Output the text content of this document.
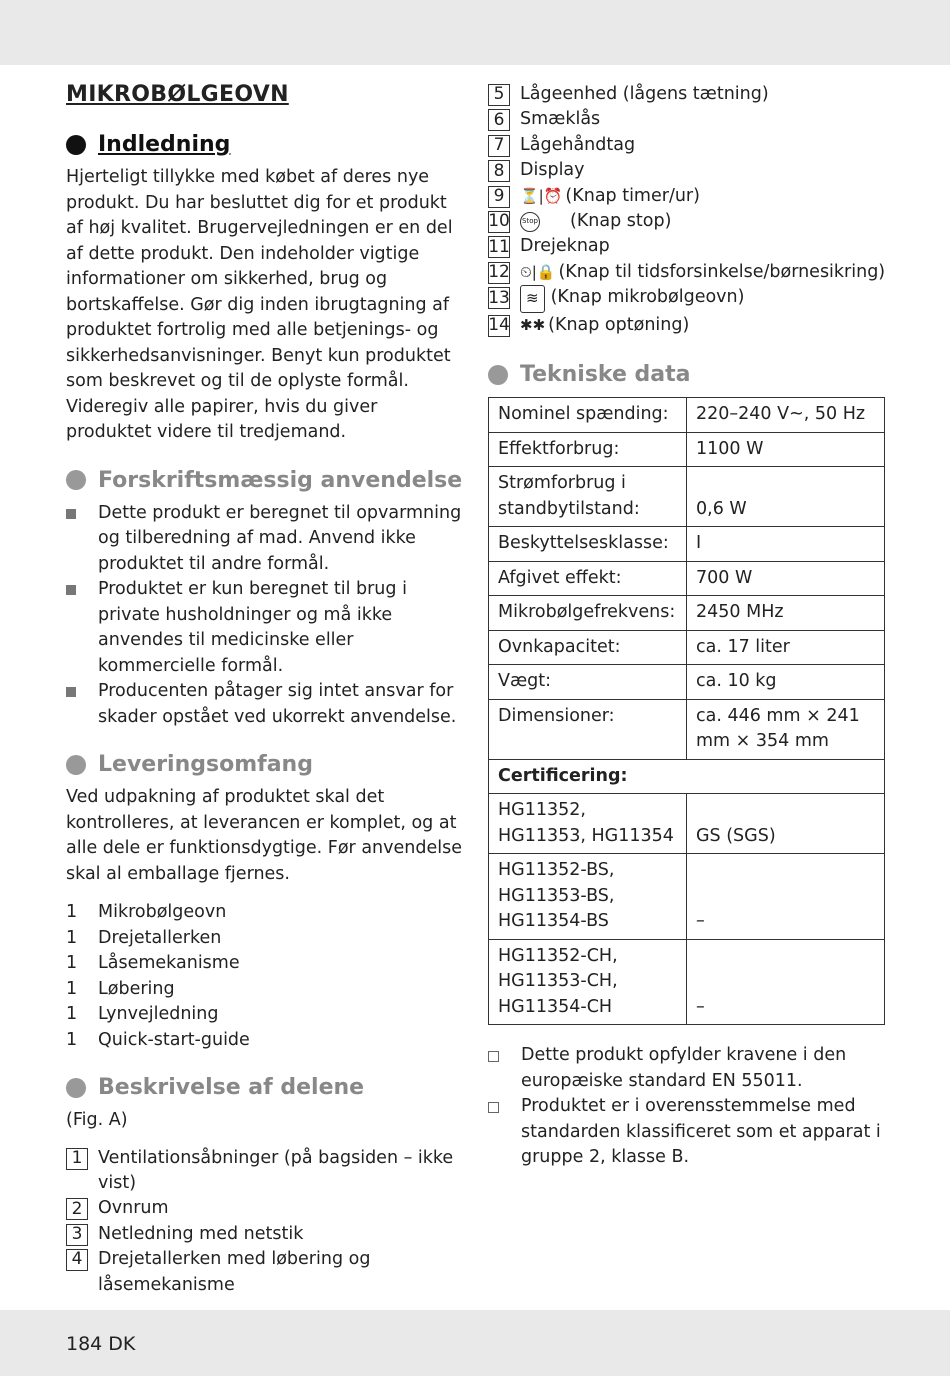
MIKROBØLGEOVN
Indledning

Hjerteligt tillykke med købet af deres nye produkt. Du har besluttet dig for et produkt af høj kvalitet. Brugervejledningen er en del af dette produkt. Den indeholder vigtige informationer om sikkerhed, brug og bortskaffelse. Gør dig inden ibrugtagning af produktet fortrolig med alle betjenings- og sikkerhedsanvisninger. Benyt kun produktet som beskrevet og til de oplyste formål. Videregiv alle papirer, hvis du giver produktet videre til tredjemand.

Forskriftsmæssig anvendelse
Dette produkt er beregnet til opvarmning og tilberedning af mad. Anvend ikke produktet til andre formål.
Produktet er kun beregnet til brug i private husholdninger og må ikke anvendes til medicinske eller kommercielle formål.
Producenten påtager sig intet ansvar for skader opstået ved ukorrekt anvendelse.
Leveringsomfang

Ved udpakning af produktet skal det kontrolleres, at leverancen er komplet, og at alle dele er funktionsdygtige. Før anvendelse skal al emballage fjernes.

1	Mikrobølgeovn
1	Drejetallerken
1	Låsemekanisme
1	Løbering
1	Lynvejledning
1	Quick-start-guide
Beskrivelse af delene

(Fig. A)

1 Ventilationsåbninger (på bagsiden – ikke vist)
2 Ovnrum
3 Netledning med netstik
4 Drejetallerken med løbering og låsemekanisme
5 Lågeenhed (lågens tætning)
6 Smæklås
7 Lågehåndtag
8 Display
9	⏳|⏰ (Knap timer/ur)
10 Stop (Knap stop)
11 Drejeknap
12 ⏲|🔒 (Knap til tidsforsinkelse/børnesikring)
13	≋ (Knap mikrobølgeovn)
14 ✱✱ (Knap optøning)
Tekniske data
Nominel spænding:	220–240 V~, 50 Hz
Effektforbrug:	1100 W
Strømforbrug i standbytilstand:	0,6 W
Beskyttelsesklasse:	I
Afgivet effekt:	700 W
Mikrobølgefrekvens:	2450 MHz
Ovnkapacitet:	ca. 17 liter
Vægt:	ca. 10 kg
Dimensioner:	ca. 446 mm × 241 mm × 354 mm
Certificering:	
HG11352, HG11353, HG11354	GS (SGS)
HG11352-BS, HG11353-BS, HG11354-BS	–
HG11352-CH, HG11353-CH, HG11354-CH	–
Dette produkt opfylder kravene i den europæiske standard EN 55011.
Produktet er i overensstemmelse med standarden klassificeret som et apparat i gruppe 2, klasse B.
184 DK
